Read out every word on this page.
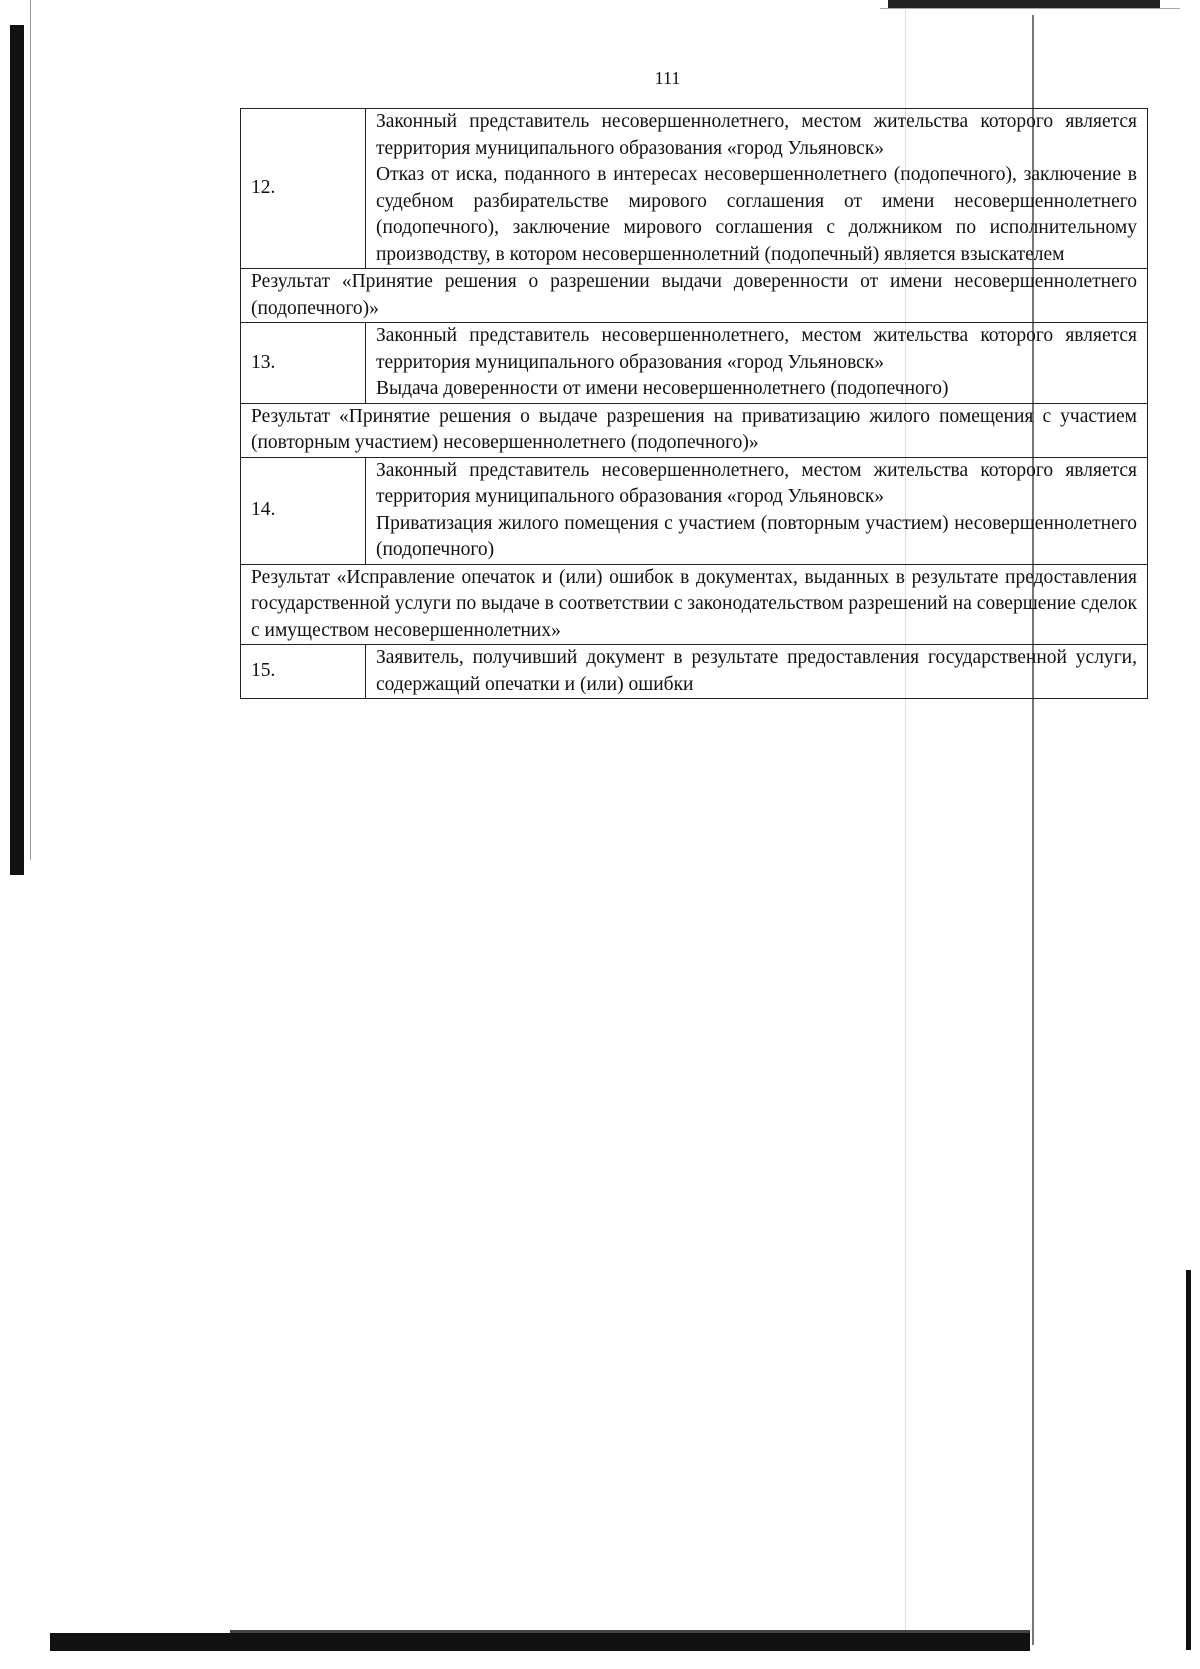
111
12.	Законный представитель несовершеннолетнего, местом жительства которого является территория муниципального образования «город Ульяновск»
Отказ от иска, поданного в интересах несовершеннолетнего (подопечного), заключение в судебном разбирательстве мирового соглашения от имени несовершеннолетнего (подопечного), заключение мирового соглашения с должником по исполнительному производству, в котором несовершеннолетний (подопечный) является взыскателем

Результат «Принятие решения о разрешении выдачи доверенности от имени несовершеннолетнего (подопечного)»	

13.	Законный представитель несовершеннолетнего, местом жительства которого является территория муниципального образования «город Ульяновск»
Выдача доверенности от имени несовершеннолетнего (подопечного)

Результат «Принятие решения о выдаче разрешения на приватизацию жилого помещения с участием (повторным участием) несовершеннолетнего (подопечного)»	

14.	Законный представитель несовершеннолетнего, местом жительства которого является территория муниципального образования «город Ульяновск»
Приватизация жилого помещения с участием (повторным участием) несовершеннолетнего (подопечного)

Результат «Исправление опечаток и (или) ошибок в документах, выданных в результате предоставления государственной услуги по выдаче в соответствии с законодательством разрешений на совершение сделок с имуществом несовершеннолетних»	

15.	Заявитель, получивший документ в результате предоставления государственной услуги, содержащий опечатки и (или) ошибки
